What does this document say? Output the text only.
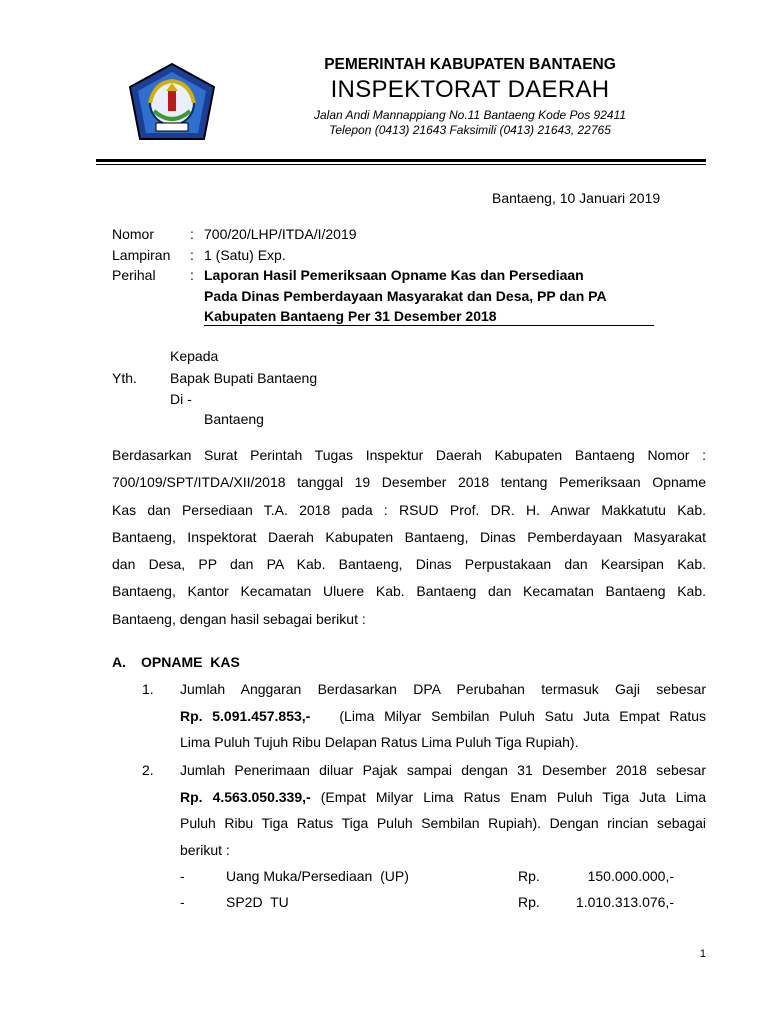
PEMERINTAH KABUPATEN BANTAENG
INSPEKTORAT DAERAH
Jalan Andi Mannappiang No.11 Bantaeng Kode Pos 92411
Telepon (0413) 21643 Faksimili (0413) 21643, 22765
Bantaeng, 10 Januari 2019
Nomor	: 700/20/LHP/ITDA/I/2019
Lampiran : 1 (Satu) Exp.
Perihal : Laporan Hasil Pemeriksaan Opname Kas dan Persediaan
Pada Dinas Pemberdayaan Masyarakat dan Desa, PP dan PA
Kabupaten Bantaeng Per 31 Desember 2018
Kepada
Yth. Bapak Bupati Bantaeng
Di -
Bantaeng
Berdasarkan Surat Perintah Tugas Inspektur Daerah Kabupaten Bantaeng Nomor :
700/109/SPT/ITDA/XII/2018 tanggal 19 Desember 2018 tentang Pemeriksaan Opname
Kas dan Persediaan T.A. 2018 pada : RSUD Prof. DR. H. Anwar Makkatutu Kab.
Bantaeng, Inspektorat Daerah Kabupaten Bantaeng, Dinas Pemberdayaan Masyarakat
dan Desa, PP dan PA Kab. Bantaeng, Dinas Perpustakaan dan Kearsipan Kab.
Bantaeng, Kantor Kecamatan Uluere Kab. Bantaeng dan Kecamatan Bantaeng Kab.
Bantaeng, dengan hasil sebagai berikut :
A. OPNAME  KAS
1. Jumlah Anggaran Berdasarkan DPA Perubahan termasuk Gaji sebesar
Rp. 5.091.457.853,- (Lima Milyar Sembilan Puluh Satu Juta Empat Ratus
Lima Puluh Tujuh Ribu Delapan Ratus Lima Puluh Tiga Rupiah).
2. Jumlah Penerimaan diluar Pajak sampai dengan 31 Desember 2018 sebesar
Rp. 4.563.050.339,- (Empat Milyar Lima Ratus Enam Puluh Tiga Juta Lima
Puluh Ribu Tiga Ratus Tiga Puluh Sembilan Rupiah). Dengan rincian sebagai
berikut :
-	Uang Muka/Persediaan  (UP)	Rp.	150.000.000,-
-	SP2D  TU	Rp.	1.010.313.076,-
1
